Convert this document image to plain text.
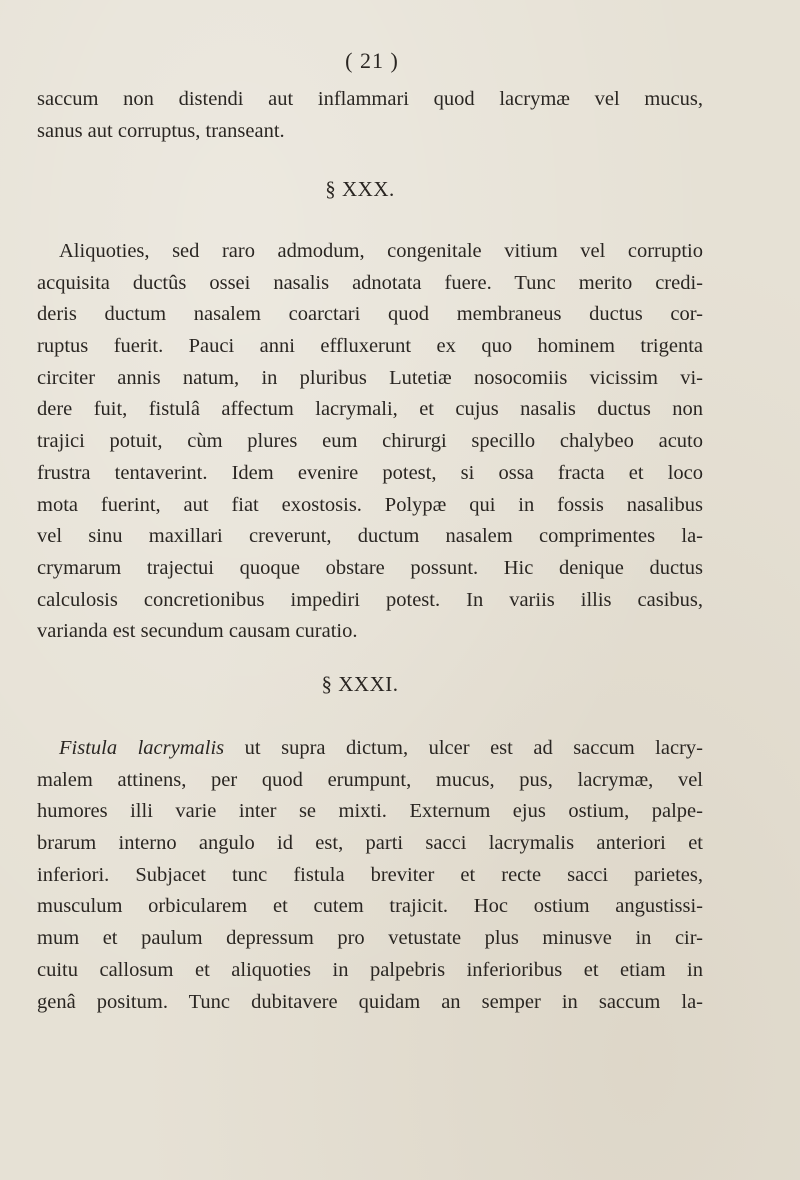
( 21 )
saccum non distendi aut inflammari quod lacrymæ vel mucus,
sanus aut corruptus, transeant.
§ XXX.
Aliquoties, sed raro admodum, congenitale vitium vel corruptio
acquisita ductûs ossei nasalis adnotata fuere. Tunc merito credi-
deris ductum nasalem coarctari quod membraneus ductus cor-
ruptus fuerit. Pauci anni effluxerunt ex quo hominem trigenta
circiter annis natum, in pluribus Lutetiæ nosocomiis vicissim vi-
dere fuit, fistulâ affectum lacrymali, et cujus nasalis ductus non
trajici potuit, cùm plures eum chirurgi specillo chalybeo acuto
frustra tentaverint. Idem evenire potest, si ossa fracta et loco
mota fuerint, aut fiat exostosis. Polypæ qui in fossis nasalibus
vel sinu maxillari creverunt, ductum nasalem comprimentes la-
crymarum trajectui quoque obstare possunt. Hic denique ductus
calculosis concretionibus impediri potest. In variis illis casibus,
varianda est secundum causam curatio.
§ XXXI.
Fistula lacrymalis ut supra dictum, ulcer est ad saccum lacry-
malem attinens, per quod erumpunt, mucus, pus, lacrymæ, vel
humores illi varie inter se mixti. Externum ejus ostium, palpe-
brarum interno angulo id est, parti sacci lacrymalis anteriori et
inferiori. Subjacet tunc fistula breviter et recte sacci parietes,
musculum orbicularem et cutem trajicit. Hoc ostium angustissi-
mum et paulum depressum pro vetustate plus minusve in cir-
cuitu callosum et aliquoties in palpebris inferioribus et etiam in
genâ positum. Tunc dubitavere quidam an semper in saccum la-
